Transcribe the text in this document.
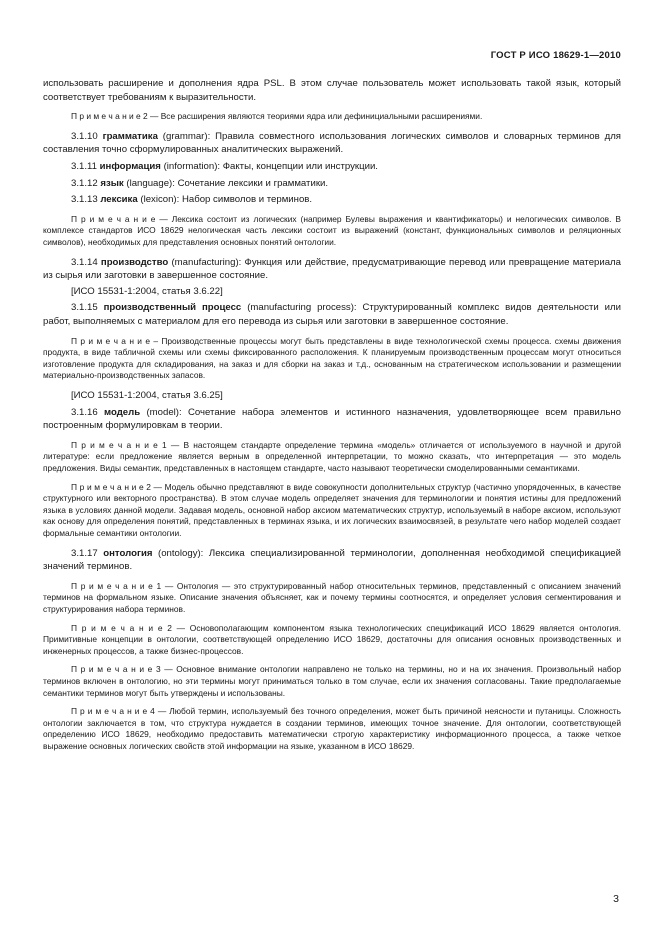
ГОСТ Р ИСО 18629-1—2010

использовать расширение и дополнения ядра PSL. В этом случае пользователь может использовать такой язык, который соответствует требованиям к выразительности.

П р и м е ч а н и е 2 — Все расширения являются теориями ядра или дефинициальными расширениями.

3.1.10 грамматика (grammar): Правила совместного использования логических символов и словарных терминов для составления точно сформулированных аналитических выражений.

3.1.11 информация (information): Факты, концепции или инструкции.

3.1.12 язык (language): Сочетание лексики и грамматики.

3.1.13 лексика (lexicon): Набор символов и терминов.

П р и м е ч а н и е — Лексика состоит из логических (например Булевы выражения и квантификаторы) и нелогических символов. В комплексе стандартов ИСО 18629 нелогическая часть лексики состоит из выражений (констант, функциональных символов и реляционных символов), необходимых для представления основных понятий онтологии.

3.1.14 производство (manufacturing): Функция или действие, предусматривающие перевод или превращение материала из сырья или заготовки в завершенное состояние.

[ИСО 15531-1:2004, статья 3.6.22]

3.1.15 производственный процесс (manufacturing process): Структурированный комплекс видов деятельности или работ, выполняемых с материалом для его перевода из сырья или заготовки в завершенное состояние.

П р и м е ч а н и е – Производственные процессы могут быть представлены в виде технологической схемы процесса. схемы движения продукта, в виде табличной схемы или схемы фиксированного расположения. К планируемым производственным процессам могут относиться изготовление продукта для складирования, на заказ и для сборки на заказ и т.д., основанным на стратегическом использовании и размещении материально-производственных запасов.

[ИСО 15531-1:2004, статья 3.6.25]

3.1.16 модель (model): Сочетание набора элементов и истинного назначения, удовлетворяющее всем правильно построенным формулировкам в теории.

П р и м е ч а н и е 1 — В настоящем стандарте определение термина «модель» отличается от используемого в научной и другой литературе: если предложение является верным в определенной интерпретации, то можно сказать, что интерпретация — это модель предложения. Виды семантик, представленных в настоящем стандарте, часто называют теоретически смоделированными семантиками.

П р и м е ч а н и е 2 — Модель обычно представляют в виде совокупности дополнительных структур (частично упорядоченных, в качестве структурного или векторного пространства). В этом случае модель определяет значения для терминологии и понятия истины для предложений языка в условиях данной модели. Задавая модель, основной набор аксиом математических структур, используемый в наборе аксиом, используют как основу для определения понятий, представленных в терминах языка, и их логических взаимосвязей, в результате чего набор моделей создает формальные семантики онтологии.

3.1.17 онтология (ontology): Лексика специализированной терминологии, дополненная необходимой спецификацией значений терминов.

П р и м е ч а н и е 1 — Онтология — это структурированный набор относительных терминов, представленный с описанием значений терминов на формальном языке. Описание значения объясняет, как и почему термины соотносятся, и определяет условия сегментирования и структурирования набора терминов.

П р и м е ч а н и е 2 — Основополагающим компонентом языка технологических спецификаций ИСО 18629 является онтология. Примитивные концепции в онтологии, соответствующей определению ИСО 18629, достаточны для описания основных производственных и инженерных процессов, а также бизнес-процессов.

П р и м е ч а н и е 3 — Основное внимание онтологии направлено не только на термины, но и на их значения. Произвольный набор терминов включен в онтологию, но эти термины могут приниматься только в том случае, если их значения согласованы. Такие предполагаемые семантики терминов могут быть утверждены и использованы.

П р и м е ч а н и е 4 — Любой термин, используемый без точного определения, может быть причиной неясности и путаницы. Сложность онтологии заключается в том, что структура нуждается в создании терминов, имеющих точное значение. Для онтологии, соответствующей определению ИСО 18629, необходимо предоставить математически строгую характеристику информационного процесса, а также четкое выражение основных логических свойств этой информации на языке, указанном в ИСО 18629.

3
